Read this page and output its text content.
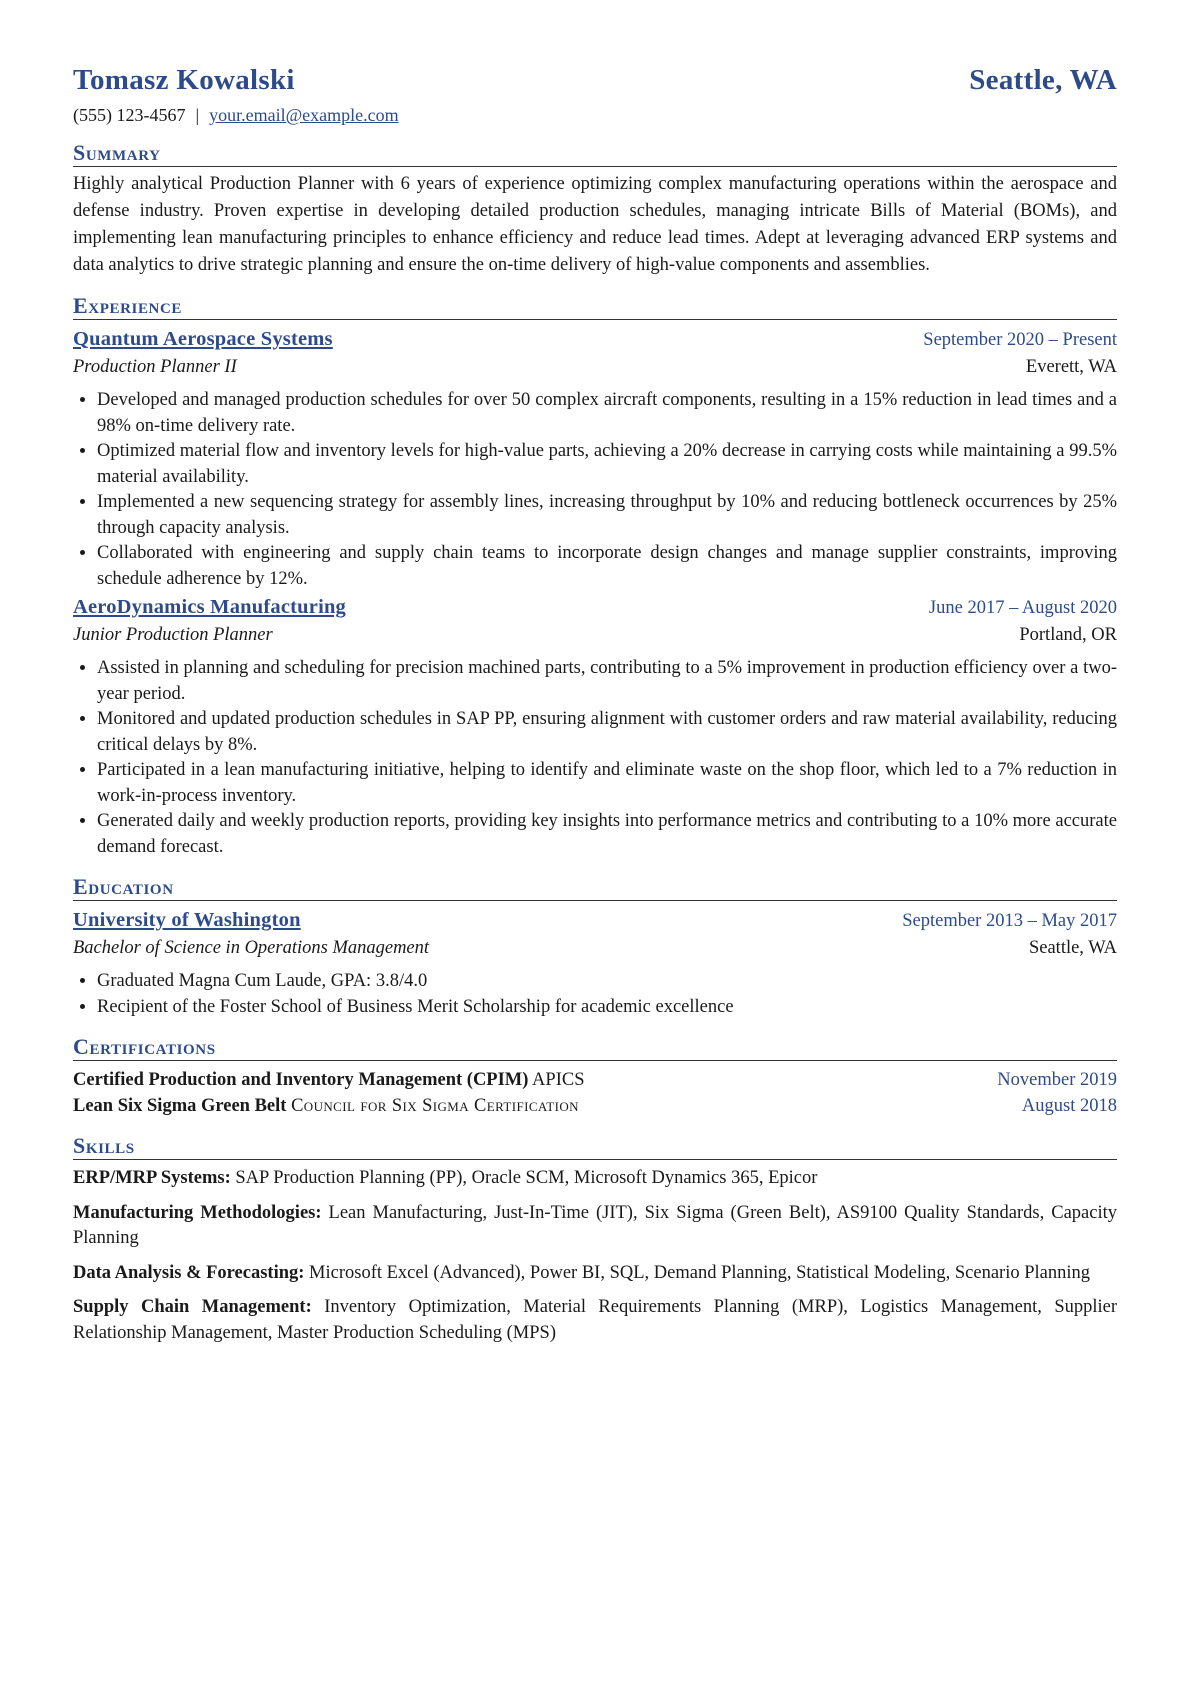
Tomasz Kowalski	Seattle, WA
(555) 123-4567 | your.email@example.com
Summary
Highly analytical Production Planner with 6 years of experience optimizing complex manufacturing operations within the aerospace and defense industry. Proven expertise in developing detailed production schedules, managing intricate Bills of Material (BOMs), and implementing lean manufacturing principles to enhance efficiency and reduce lead times. Adept at leveraging advanced ERP systems and data analytics to drive strategic planning and ensure the on-time delivery of high-value components and assemblies.
Experience
Quantum Aerospace Systems	September 2020 – Present
Production Planner II	Everett, WA
• Developed and managed production schedules for over 50 complex aircraft components, resulting in a 15% reduction in lead times and a 98% on-time delivery rate.
• Optimized material flow and inventory levels for high-value parts, achieving a 20% decrease in carrying costs while maintaining a 99.5% material availability.
• Implemented a new sequencing strategy for assembly lines, increasing throughput by 10% and reducing bottleneck occurrences by 25% through capacity analysis.
• Collaborated with engineering and supply chain teams to incorporate design changes and manage supplier constraints, improving schedule adherence by 12%.
AeroDynamics Manufacturing	June 2017 – August 2020
Junior Production Planner	Portland, OR
• Assisted in planning and scheduling for precision machined parts, contributing to a 5% improvement in production efficiency over a two-year period.
• Monitored and updated production schedules in SAP PP, ensuring alignment with customer orders and raw material availability, reducing critical delays by 8%.
• Participated in a lean manufacturing initiative, helping to identify and eliminate waste on the shop floor, which led to a 7% reduction in work-in-process inventory.
• Generated daily and weekly production reports, providing key insights into performance metrics and contributing to a 10% more accurate demand forecast.
Education
University of Washington	September 2013 – May 2017
Bachelor of Science in Operations Management	Seattle, WA
• Graduated Magna Cum Laude, GPA: 3.8/4.0
• Recipient of the Foster School of Business Merit Scholarship for academic excellence
Certifications
Certified Production and Inventory Management (CPIM) APICS	November 2019
Lean Six Sigma Green Belt Council for Six Sigma Certification	August 2018
Skills
ERP/MRP Systems: SAP Production Planning (PP), Oracle SCM, Microsoft Dynamics 365, Epicor
Manufacturing Methodologies: Lean Manufacturing, Just-In-Time (JIT), Six Sigma (Green Belt), AS9100 Quality Standards, Capacity Planning
Data Analysis & Forecasting: Microsoft Excel (Advanced), Power BI, SQL, Demand Planning, Statistical Modeling, Scenario Planning
Supply Chain Management: Inventory Optimization, Material Requirements Planning (MRP), Logistics Management, Supplier Relationship Management, Master Production Scheduling (MPS)
